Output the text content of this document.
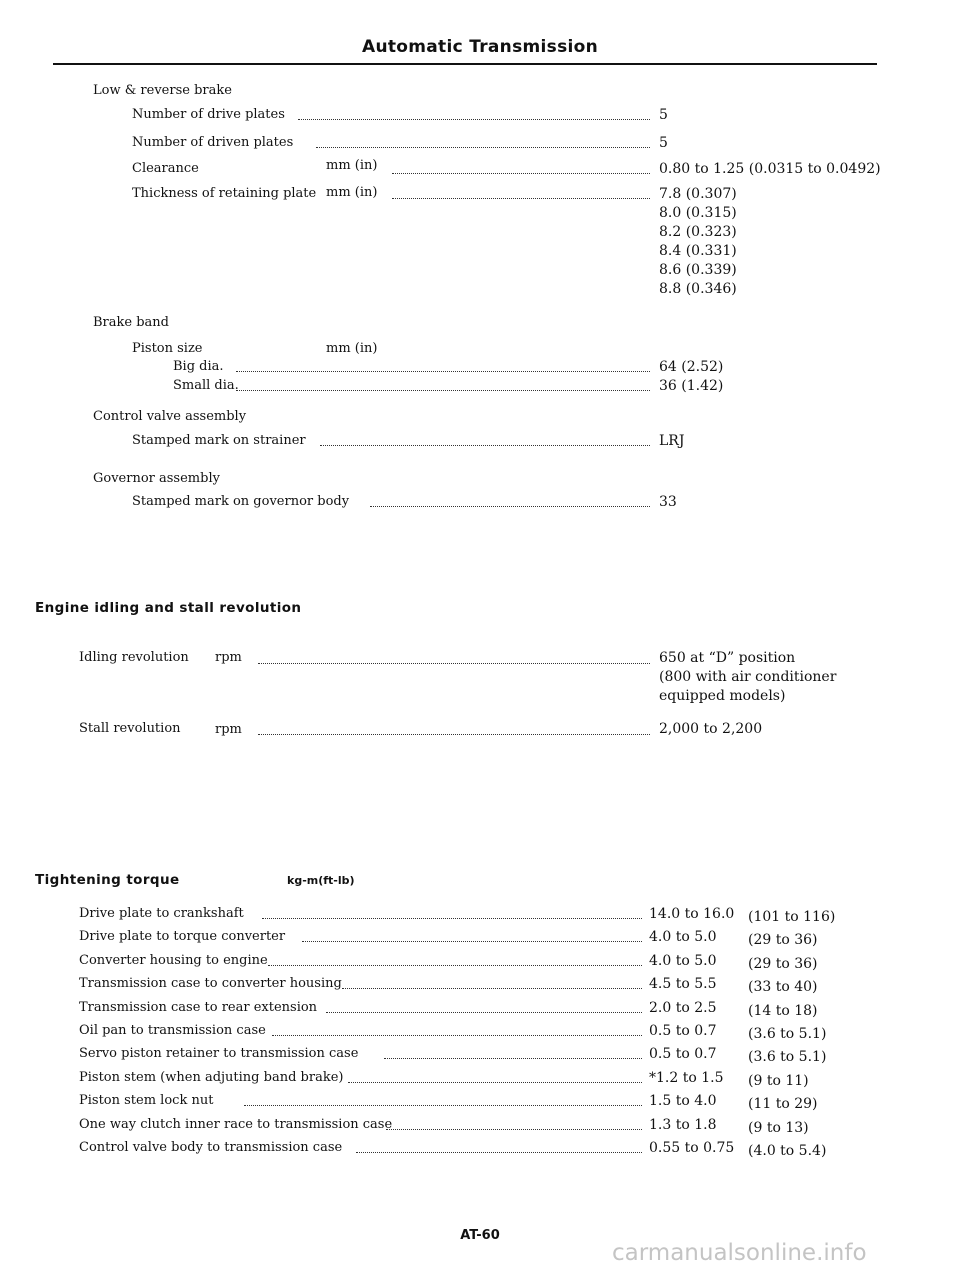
Automatic Transmission
Low & reverse brake
Number of drive plates	5
Number of driven plates	5
Clearance	mm (in)	0.80 to 1.25 (0.0315 to 0.0492)
Thickness of retaining plate mm (in)	7.8 (0.307)
8.0 (0.315)
8.2 (0.323)
8.4 (0.331)
8.6 (0.339)
8.8 (0.346)
Brake band
Piston size	mm (in)
Big dia.	64 (2.52)
Small dia.	36 (1.42)
Control valve assembly
Stamped mark on strainer	LRJ
Governor assembly
Stamped mark on governor body	33
Engine idling and stall revolution
Idling revolution rpm	650 at “D” position
(800 with air conditioner
equipped models)
Stall revolution	rpm	2,000 to 2,200
Tightening torque	kg-m(ft-lb)
Drive plate to crankshaft	14.0 to 16.0 (101 to 116)
Drive plate to torque converter	4.0 to 5.0 (29 to 36)
Converter housing to engine	4.0 to 5.0 (29 to 36)
Transmission case to converter housing	4.5 to 5.5 (33 to 40)
Transmission case to rear extension	2.0 to 2.5 (14 to 18)
Oil pan to transmission case	0.5 to 0.7 (3.6 to 5.1)
Servo piston retainer to transmission case	0.5 to 0.7 (3.6 to 5.1)
Piston stem (when adjuting band brake)	*1.2 to 1.5 (9 to 11)
Piston stem lock nut	1.5 to 4.0 (11 to 29)
One way clutch inner race to transmission case	1.3 to 1.8 (9 to 13)
Control valve body to transmission case	0.55 to 0.75 (4.0 to 5.4)
AT-60
carmanualsonline.info
